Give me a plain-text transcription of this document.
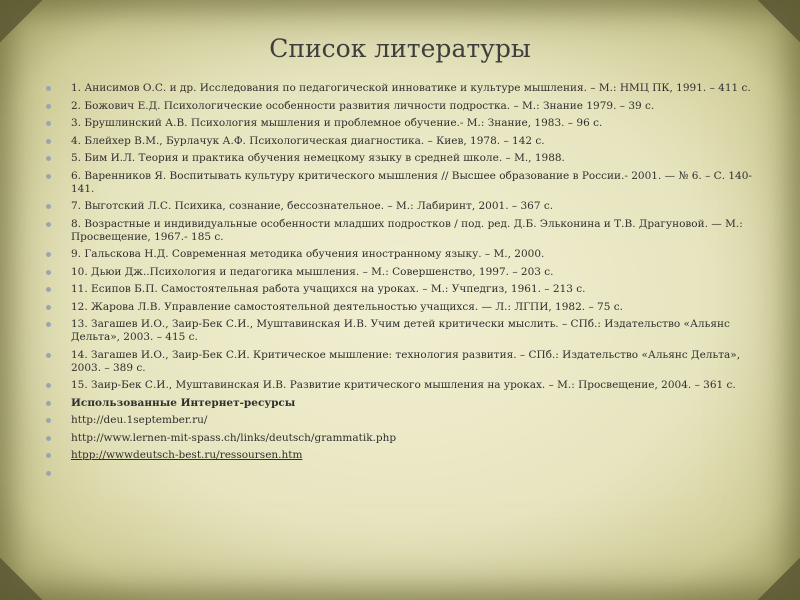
Список литературы
1. Анисимов О.С. и др. Исследования по педагогической инноватике и культуре мышления. – М.: НМЦ ПК, 1991. – 411 с.
2. Божович Е.Д. Психологические особенности развития личности подростка. – М.: Знание 1979. – 39 с.
3. Брушлинский А.В. Психология мышления и проблемное обучение.- М.: Знание, 1983. – 96 с.
4. Блейхер В.М., Бурлачук А.Ф. Психологическая диагностика. – Киев, 1978. – 142 с.
5. Бим И.Л. Теория и практика обучения немецкому языку в средней школе. – М., 1988.
6. Варенников Я. Воспитывать культуру критического мышления // Высшее образование в России.- 2001. — № 6. – С. 140-141.
7. Выготский Л.С. Психика, сознание, бессознательное. – М.: Лабиринт, 2001. – 367 с.
8. Возрастные и индивидуальные особенности младших подростков / под. ред. Д.Б. Эльконина и Т.В. Драгуновой. — М.: Просвещение, 1967.- 185 с.
9. Гальскова Н.Д. Современная методика обучения иностранному языку. – М., 2000.
10. Дьюи Дж..Психология и педагогика мышления. – М.: Совершенство, 1997. – 203 с.
11. Есипов Б.П. Самостоятельная работа учащихся на уроках. – М.: Учпедгиз, 1961. – 213 с.
12. Жарова Л.В. Управление самостоятельной деятельностью учащихся. — Л.: ЛГПИ, 1982. – 75 с.
13. Загашев И.О., Заир-Бек С.И., Муштавинская И.В. Учим детей критически мыслить. – СПб.: Издательство «Альянс Дельта», 2003. – 415 с.
14. Загашев И.О., Заир-Бек С.И. Критическое мышление: технология развития. – СПб.: Издательство «Альянс Дельта», 2003. – 389 с.
15. Заир-Бек С.И., Муштавинская И.В. Развитие критического мышления на уроках. – М.: Просвещение, 2004. – 361 с.
Использованные Интернет-ресурсы
http://deu.1september.ru/
http://www.lernen-mit-spass.ch/links/deutsch/grammatik.php
htpp://wwwdeutsch-best.ru/ressoursen.htm
